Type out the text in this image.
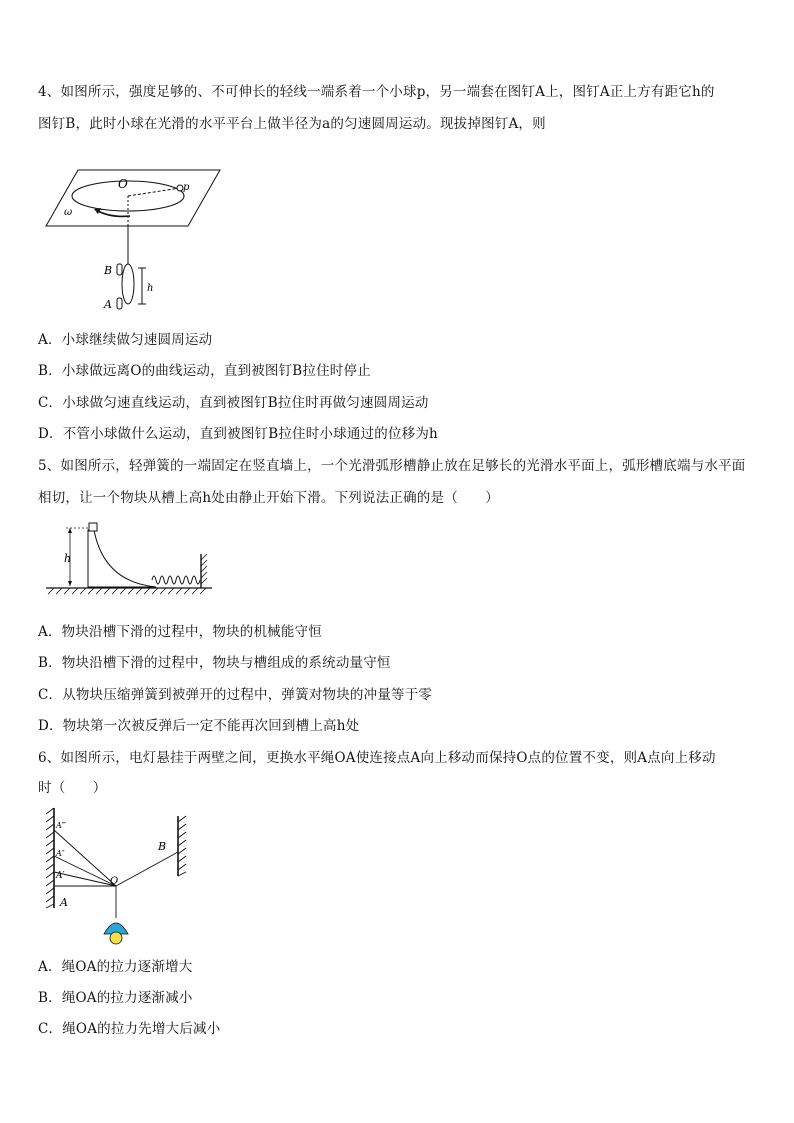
4、如图所示，强度足够的、不可伸长的轻线一端系着一个小球p，另一端套在图钉A上，图钉A正上方有距它h的
图钉B，此时小球在光滑的水平平台上做半径为a的匀速圆周运动。现拔掉图钉A，则
O	p
ω
B
A
h
A．小球继续做匀速圆周运动
B．小球做远离O的曲线运动，直到被图钉B拉住时停止
C．小球做匀速直线运动，直到被图钉B拉住时再做匀速圆周运动
D．不管小球做什么运动，直到被图钉B拉住时小球通过的位移为h
5、如图所示，轻弹簧的一端固定在竖直墙上，一个光滑弧形槽静止放在足够长的光滑水平面上，弧形槽底端与水平面
相切，让一个物块从槽上高h处由静止开始下滑。下列说法正确的是（　　）
h
A．物块沿槽下滑的过程中，物块的机械能守恒
B．物块沿槽下滑的过程中，物块与槽组成的系统动量守恒
C．从物块压缩弹簧到被弹开的过程中，弹簧对物块的冲量等于零
D．物块第一次被反弹后一定不能再次回到槽上高h处
6、如图所示，电灯悬挂于两壁之间，更换水平绳OA使连接点A向上移动而保持O点的位置不变，则A点向上移动
时（　　）
A‴
A″
A′
A
O
B
A．绳OA的拉力逐渐增大
B．绳OA的拉力逐渐减小
C．绳OA的拉力先增大后减小
